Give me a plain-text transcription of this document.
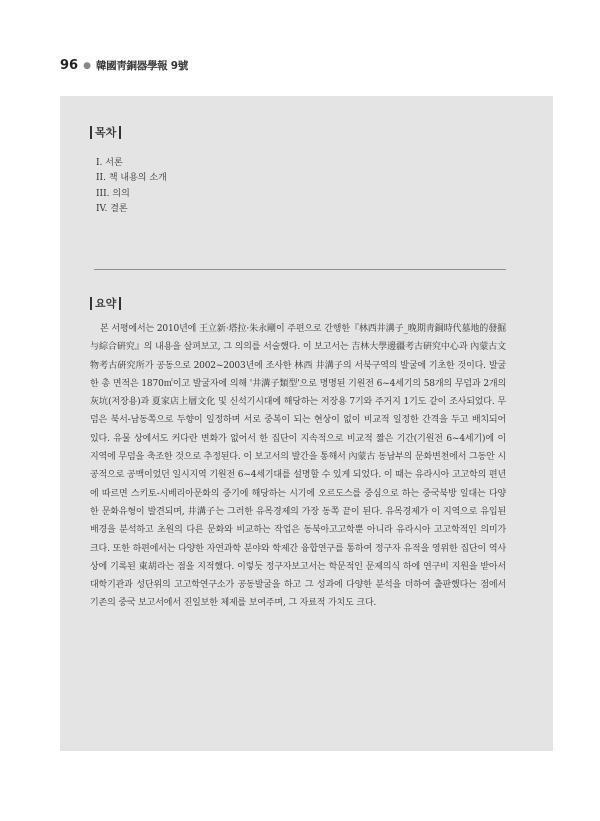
96 ● 韓國靑銅器學報 9號
목차
I. 서론
II. 책 내용의 소개
III. 의의
IV. 결론
요약

본 서평에서는 2010년에 王立新·塔拉·朱永剛이 주편으로 간행한『林西井溝子_晚期靑銅時代墓地的發掘与綜合硏究』의 내용을 살펴보고, 그 의의를 서술했다. 이 보고서는 吉林大學邊疆考古硏究中心과 內蒙古文物考古硏究所가 공동으로 2002~2003년에 조사한 林西 井溝子의 서북구역의 발굴에 기초한 것이다. 발굴한 총 면적은 1870㎡이고 발굴자에 의해 '井溝子類型'으로 명명된 기원전 6~4세기의 58개의 무덤과 2개의 灰坑(저장용)과 夏家店上層文化 및 신석기시대에 해당하는 저장용 7기와 주거지 1기도 같이 조사되었다. 무덤은 북서-남동쪽으로 두향이 일정하며 서로 중복이 되는 현상이 없이 비교적 일정한 간격을 두고 배치되어 있다. 유물 상에서도 커다란 변화가 없어서 한 집단이 지속적으로 비교적 짧은 기간(기원전 6~4세기)에 이 지역에 무덤을 축조한 것으로 추정된다. 이 보고서의 발간을 통해서 內蒙古 동남부의 문화변천에서 그동안 시공적으로 공백이었던 일시지역 기원전 6~4세기대를 설명할 수 있게 되었다. 이 때는 유라시아 고고학의 편년에 따르면 스키토-시베리아문화의 중기에 해당하는 시기에 오르도스를 중심으로 하는 중국북방 일대는 다양한 문화유형이 발견되며, 井溝子는 그러한 유목경제의 가장 동쪽 끝이 된다. 유목경제가 이 지역으로 유입된 배경을 분석하고 초원의 다른 문화와 비교하는 작업은 동북아고고학뿐 아니라 유라시아 고고학적인 의미가 크다. 또한 하편에서는 다양한 자연과학 분야와 학제간 융합연구를 통하여 정구자 유적을 영위한 집단이 역사상에 기록된 東胡라는 점을 지적했다. 이렇듯 정구자보고서는 학문적인 문제의식 하에 연구비 지원을 받아서 대학기관과 성단위의 고고학연구소가 공동발굴을 하고 그 성과에 다양한 분석을 더하여 출판했다는 점에서 기존의 중국 보고서에서 진일보한 체제를 보여주며, 그 자료적 가치도 크다.
